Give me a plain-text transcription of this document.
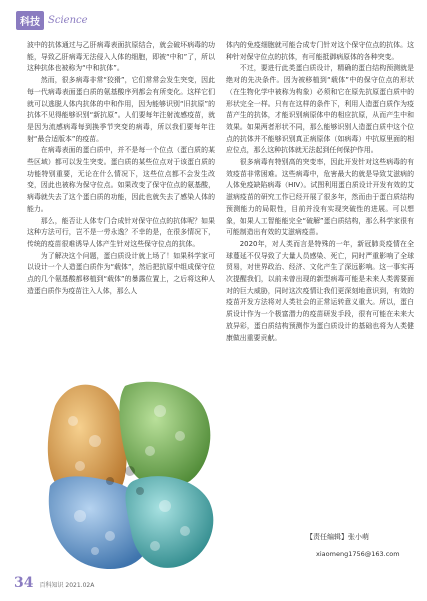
科技 Science

波中的抗体通过与乙肝病毒表面抗原结合，就会破坏病毒的功能，导致乙肝病毒无法侵入人体的细胞，即被“中和”了，所以这种抗体也被称为“中和抗体”。

然而，很多病毒非常“狡猾”，它们常常会发生突变，因此每一代病毒表面蛋白质的氨基酸序列都会有所变化。这样它们就可以逃脱人体内抗体的中和作用，因为能够识别“旧抗原”的抗体不见得能够识别“新抗原”。人们要每年注射流感疫苗，就是因为流感病毒每到换季节突变的病毒，所以我们要每年注射“最合适版本”的疫苗。

在病毒表面的蛋白质中，并不是每一个位点（蛋白质的某些区域）都可以发生突变。蛋白质的某些位点对于该蛋白质的功能特别重要，无论在什么情况下，这些位点都不会发生改变，因此也被称为保守位点。如果改变了保守位点的氨基酸，病毒就失去了这个蛋白质的功能，因此也就失去了感染人体的能力。

那么，能否让人体专门合成针对保守位点的抗体呢？如果这种方法可行，岂不是一劳永逸？不幸的是，在很多情况下，传统的疫苗很难诱导人体产生针对这些保守位点的抗体。

为了解决这个问题，蛋白质设计就上场了！如果科学家可以设计一个人造蛋白质作为“载体”，然后把抗原中组成保守位点的几个氨基酸都移植到“载体”的暴露位置上，之后将这种人造蛋白质作为疫苗注入人体，那么人

体内的免疫细胞就可能合成专门针对这个保守位点的抗体。这种针对保守位点的抗体，有可能抵御病原体的各种突变。

不过，要进行此类蛋白质设计，精确的蛋白结构预测就是绝对的先决条件。因为被移植到“载体”中的保守位点的形状（在生物化学中被称为构象）必须和它在原先抗原蛋白质中的形状完全一样。只有在这样的条件下，利用人造蛋白质作为疫苗产生的抗体，才能识别病原体中的相应抗原，从而产生中和效果。如果两者形状不同，那么能够识别人造蛋白质中这个位点的抗体并不能够识别真正病原体（如病毒）中抗原里面的相应位点，那么这种抗体就无法起到任何保护作用。

很多病毒有特别高的突变率，因此开发针对这些病毒的有效疫苗非常困难。这些病毒中，危害最大的就是导致艾滋病的人体免疫缺陷病毒（HIV）。试图利用蛋白质设计开发有效的艾滋病疫苗的研究工作已经开展了很多年，然而由于蛋白质结构预测能力的局限性，目前并没有实现突破性的进展。可以想象，如果人工智能能完全“破解”蛋白质结构，那么科学家很有可能制造出有效的艾滋病疫苗。

2020年，对人类而言是特殊的一年，新冠肺炎疫情在全球蔓延不仅导致了大量人员感染、死亡，同时严重影响了全球贸易，对世界政治、经济、文化产生了深远影响。这一事实再次提醒我们，以前未曾出现的新型病毒可能是未来人类需要面对的巨大威胁，同时这次疫情让我们更深刻地意识到，有效的疫苗开发方法将对人类社会的正常运转意义重大。所以，蛋白质设计作为一个极富潜力的疫苗研发手段，很有可能在未来大放异彩，蛋白质结构预测作为蛋白质设计的基础也将为人类健康做出重要贡献。

【责任编辑】张小萌
xiaomeng1756@163.com
34 百科知识 2021.02A
